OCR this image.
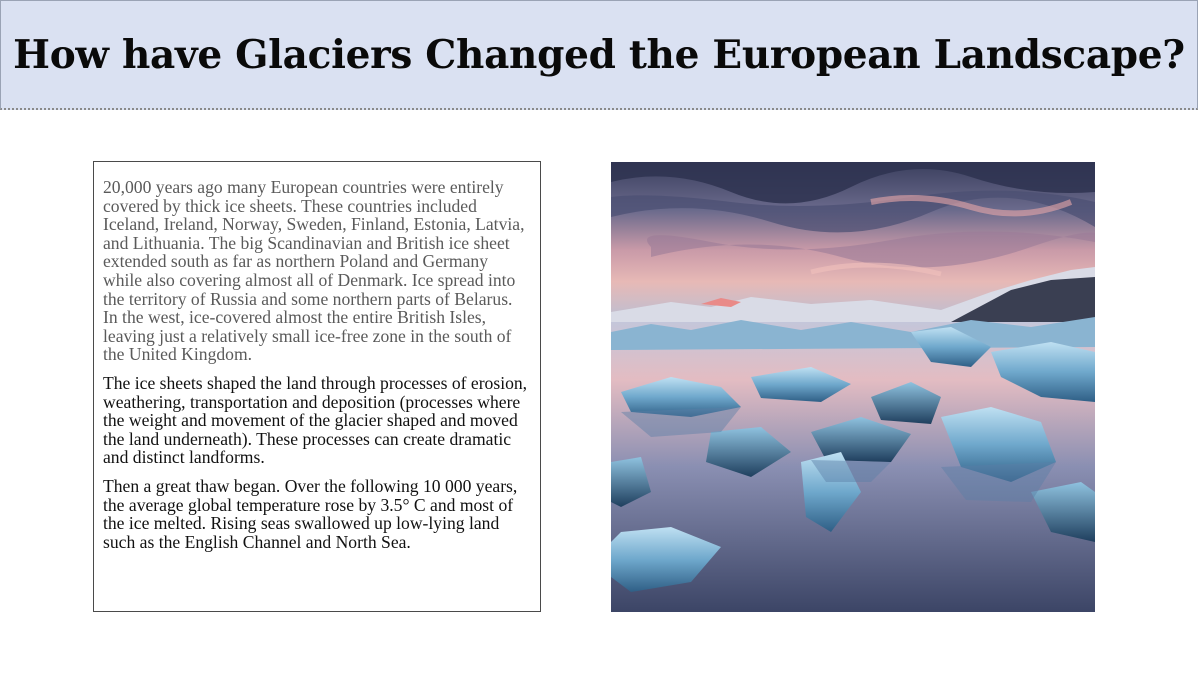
How have Glaciers Changed the European Landscape?

20,000 years ago many European countries were entirely covered by thick ice sheets. These countries included Iceland, Ireland, Norway, Sweden, Finland, Estonia, Latvia, and Lithuania. The big Scandinavian and British ice sheet extended south as far as northern Poland and Germany while also covering almost all of Denmark. Ice spread into the territory of Russia and some northern parts of Belarus. In the west, ice-covered almost the entire British Isles, leaving just a relatively small ice-free zone in the south of the United Kingdom.

The ice sheets shaped the land through processes of erosion, weathering, transportation and deposition (processes where the weight and movement of the glacier shaped and moved the land underneath). These processes can create dramatic and distinct landforms.

Then a great thaw began. Over the following 10 000 years, the average global temperature rose by 3.5° C and most of the ice melted. Rising seas swallowed up low-lying land such as the English Channel and North Sea.
